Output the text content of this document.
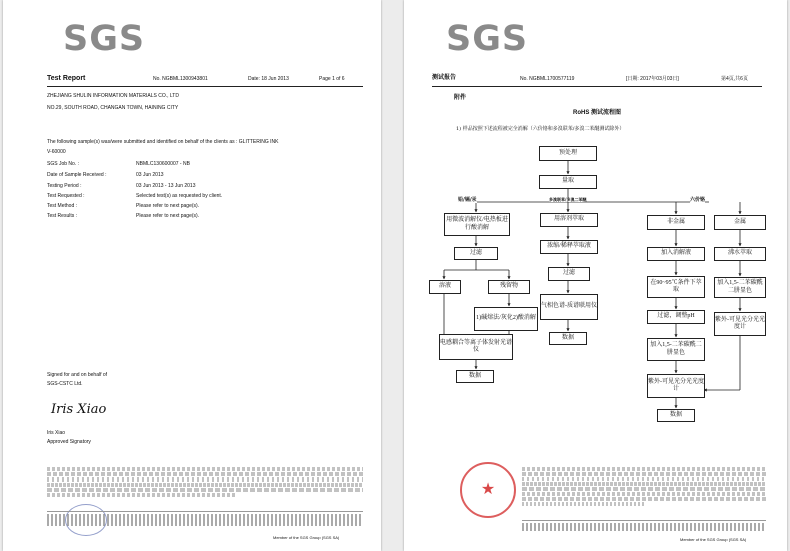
SGS
Test Report	No. NGBML1300943801	Date: 18 Jun 2013	Page 1 of 6
ZHEJIANG SHULIN INFORMATION MATERIALS CO., LTD
NO.29, SOUTH ROAD, CHANGAN TOWN, HAINING CITY
The following sample(s) was/were submitted and identified on behalf of the clients as : GLITTERING INK
V-60000
SGS Job No. :	NBMLC130600007 - NB
Date of Sample Received :	03 Jun 2013
Testing Period :	03 Jun 2013 - 13 Jun 2013
Test Requested :	Selected test(s) as requested by client.
Test Method :	Please refer to next page(s).
Test Results :	Please refer to next page(s).
Signed for and on behalf of
SGS-CSTC Ltd.
Iris Xiao
Iris Xiao
Approved Signatory
Member of the SGS Group (SGS SA)
SGS
测试报告	No. NGBML1700577119	[日期: 2017年03月03日]	第4页,共6页
附件
RoHS 测试流程图
1) 样品按照下述流程被完全消解（六价铬和多溴联苯/多溴二苯醚测试除外）
铅/镉/汞	多溴联苯/多溴二苯醚	六价铬
预处理
量取
用微波消解仪/电热板进行酸消解
过滤
溶液	残留物
1)碱熔法/灰化2)酸消解
电感耦合等离子体发射光谱仪
数据
用溶剂萃取
浓缩/稀释萃取液
过滤
气相色谱-质谱联用仪
数据
非金属
加入消解液
在90~95℃条件下萃取
过滤，调整pH
加入1,5-二苯碳酰二肼显色
紫外-可见光分光光度计
数据
金属
沸水萃取
加入1,5-二苯碳酰二肼显色
紫外-可见光分光光度计
★
Member of the SGS Group (SGS SA)
